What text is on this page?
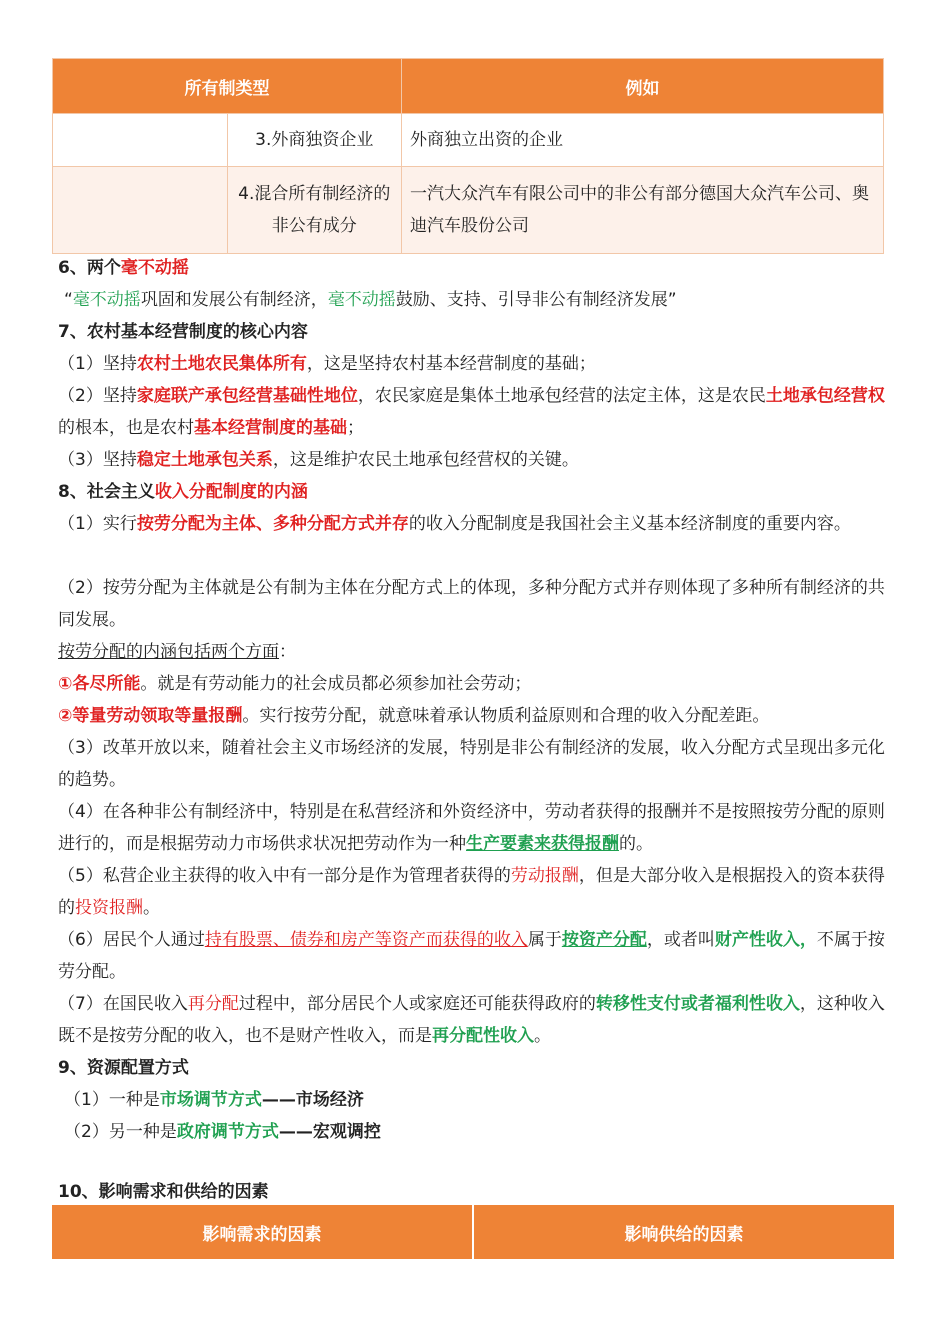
所有制类型		例如
	3.外商独资企业	外商独立出资的企业
	4.混合所有制经济的非公有成分	一汽大众汽车有限公司中的非公有部分德国大众汽车公司、奥迪汽车股份公司
6、两个毫不动摇
“毫不动摇巩固和发展公有制经济，毫不动摇鼓励、支持、引导非公有制经济发展”
7、农村基本经营制度的核心内容
（1）坚持农村土地农民集体所有，这是坚持农村基本经营制度的基础；
（2）坚持家庭联产承包经营基础性地位，农民家庭是集体土地承包经营的法定主体，这是农民土地承包经营权的根本，也是农村基本经营制度的基础；
（3）坚持稳定土地承包关系，这是维护农民土地承包经营权的关键。
8、社会主义收入分配制度的内涵
（1）实行按劳分配为主体、多种分配方式并存的收入分配制度是我国社会主义基本经济制度的重要内容。
（2）按劳分配为主体就是公有制为主体在分配方式上的体现，多种分配方式并存则体现了多种所有制经济的共同发展。
按劳分配的内涵包括两个方面：
①各尽所能。就是有劳动能力的社会成员都必须参加社会劳动；
②等量劳动领取等量报酬。实行按劳分配，就意味着承认物质利益原则和合理的收入分配差距。
（3）改革开放以来，随着社会主义市场经济的发展，特别是非公有制经济的发展，收入分配方式呈现出多元化的趋势。
（4）在各种非公有制经济中，特别是在私营经济和外资经济中，劳动者获得的报酬并不是按照按劳分配的原则进行的，而是根据劳动力市场供求状况把劳动作为一种生产要素来获得报酬的。
（5）私营企业主获得的收入中有一部分是作为管理者获得的劳动报酬，但是大部分收入是根据投入的资本获得的投资报酬。
（6）居民个人通过持有股票、债券和房产等资产而获得的收入属于按资产分配，或者叫财产性收入，不属于按劳分配。
（7）在国民收入再分配过程中，部分居民个人或家庭还可能获得政府的转移性支付或者福利性收入，这种收入既不是按劳分配的收入，也不是财产性收入，而是再分配性收入。
9、资源配置方式
（1）一种是市场调节方式——市场经济
（2）另一种是政府调节方式——宏观调控
10、影响需求和供给的因素
影响需求的因素	影响供给的因素
